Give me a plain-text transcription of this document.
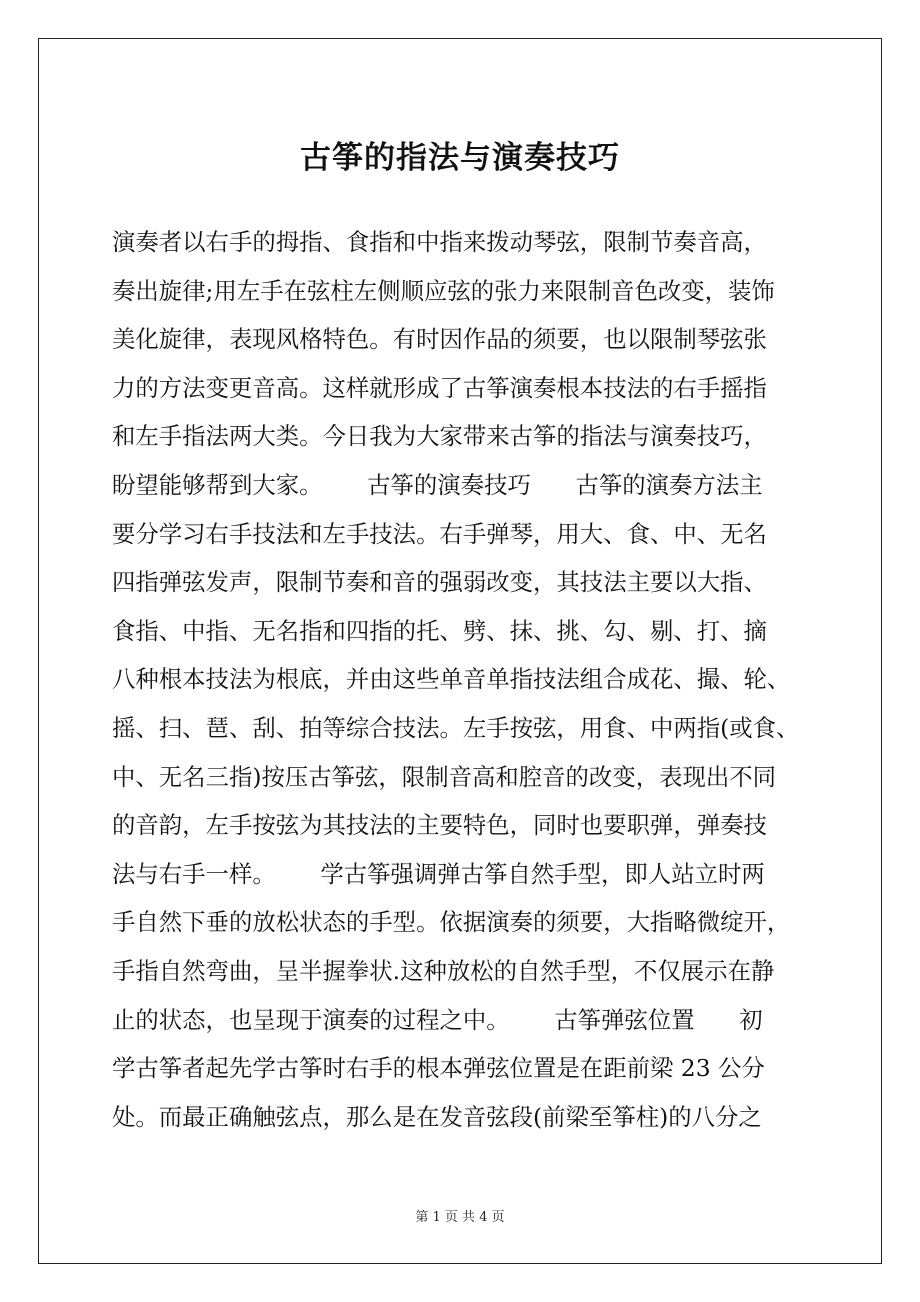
古筝的指法与演奏技巧
演奏者以右手的拇指、食指和中指来拨动琴弦，限制节奏音高，
奏出旋律;用左手在弦柱左侧顺应弦的张力来限制音色改变，装饰
美化旋律，表现风格特色。有时因作品的须要，也以限制琴弦张
力的方法变更音高。这样就形成了古筝演奏根本技法的右手摇指
和左手指法两大类。今日我为大家带来古筝的指法与演奏技巧，
盼望能够帮到大家。      古筝的演奏技巧      古筝的演奏方法主
要分学习右手技法和左手技法。右手弹琴，用大、食、中、无名
四指弹弦发声，限制节奏和音的强弱改变，其技法主要以大指、
食指、中指、无名指和四指的托、劈、抹、挑、勾、剔、打、摘
八种根本技法为根底，并由这些单音单指技法组合成花、撮、轮、
摇、扫、琶、刮、拍等综合技法。左手按弦，用食、中两指(或食、
中、无名三指)按压古筝弦，限制音高和腔音的改变，表现出不同
的音韵，左手按弦为其技法的主要特色，同时也要职弹，弹奏技
法与右手一样。      学古筝强调弹古筝自然手型，即人站立时两
手自然下垂的放松状态的手型。依据演奏的须要，大指略微绽开，
手指自然弯曲，呈半握拳状.这种放松的自然手型，不仅展示在静
止的状态，也呈现于演奏的过程之中。      古筝弹弦位置      初
学古筝者起先学古筝时右手的根本弹弦位置是在距前梁 23 公分
处。而最正确触弦点，那么是在发音弦段(前梁至筝柱)的八分之

第 1 页 共 4 页
